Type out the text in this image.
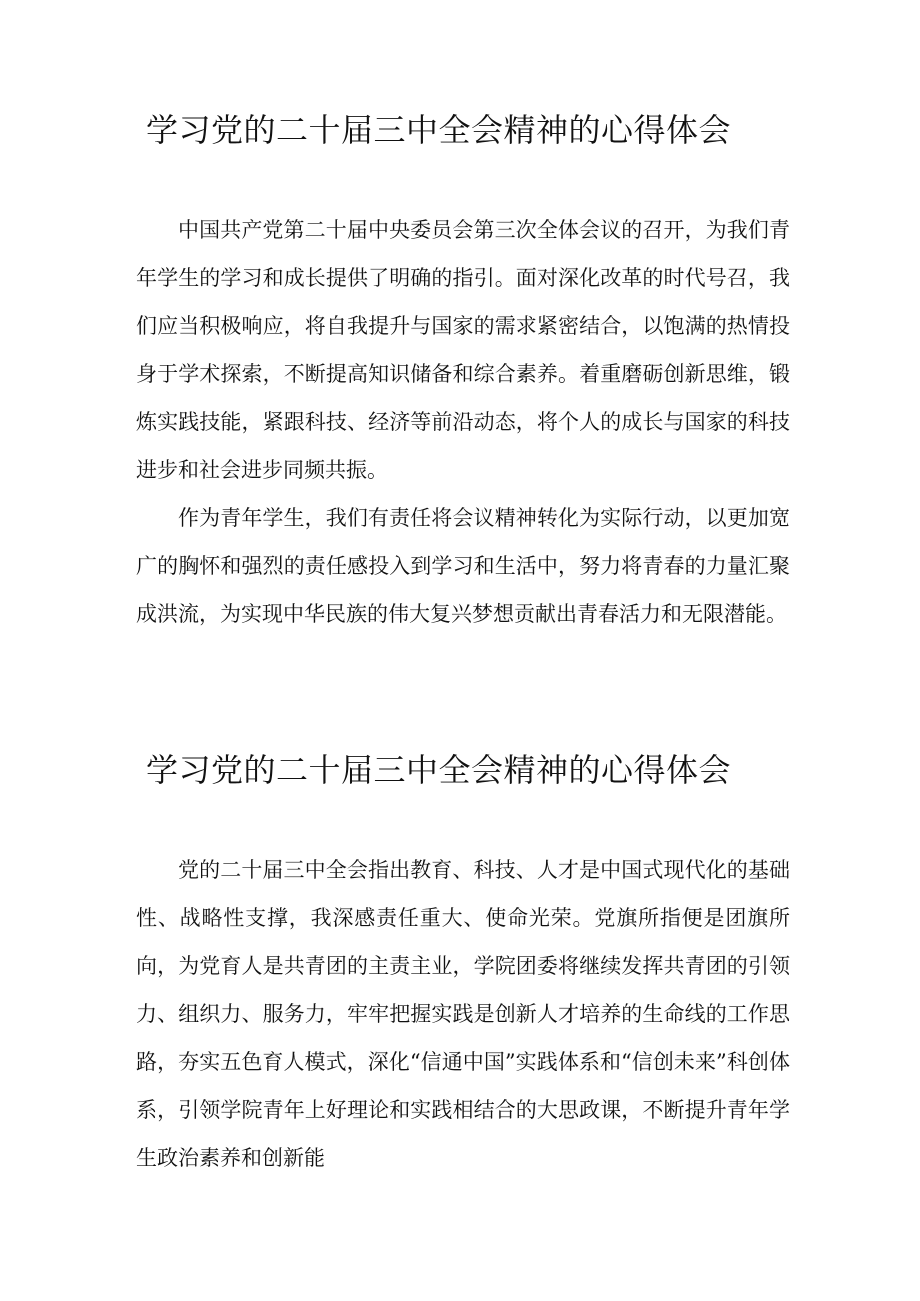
学习党的二十届三中全会精神的心得体会

中国共产党第二十届中央委员会第三次全体会议的召开，为我们青年学生的学习和成长提供了明确的指引。面对深化改革的时代号召，我们应当积极响应，将自我提升与国家的需求紧密结合，以饱满的热情投身于学术探索，不断提高知识储备和综合素养。着重磨砺创新思维，锻炼实践技能，紧跟科技、经济等前沿动态，将个人的成长与国家的科技进步和社会进步同频共振。

作为青年学生，我们有责任将会议精神转化为实际行动，以更加宽广的胸怀和强烈的责任感投入到学习和生活中，努力将青春的力量汇聚成洪流，为实现中华民族的伟大复兴梦想贡献出青春活力和无限潜能。

学习党的二十届三中全会精神的心得体会

党的二十届三中全会指出教育、科技、人才是中国式现代化的基础性、战略性支撑，我深感责任重大、使命光荣。党旗所指便是团旗所向，为党育人是共青团的主责主业，学院团委将继续发挥共青团的引领力、组织力、服务力，牢牢把握实践是创新人才培养的生命线的工作思路，夯实五色育人模式，深化“信通中国”实践体系和“信创未来”科创体系，引领学院青年上好理论和实践相结合的大思政课，不断提升青年学生政治素养和创新能
